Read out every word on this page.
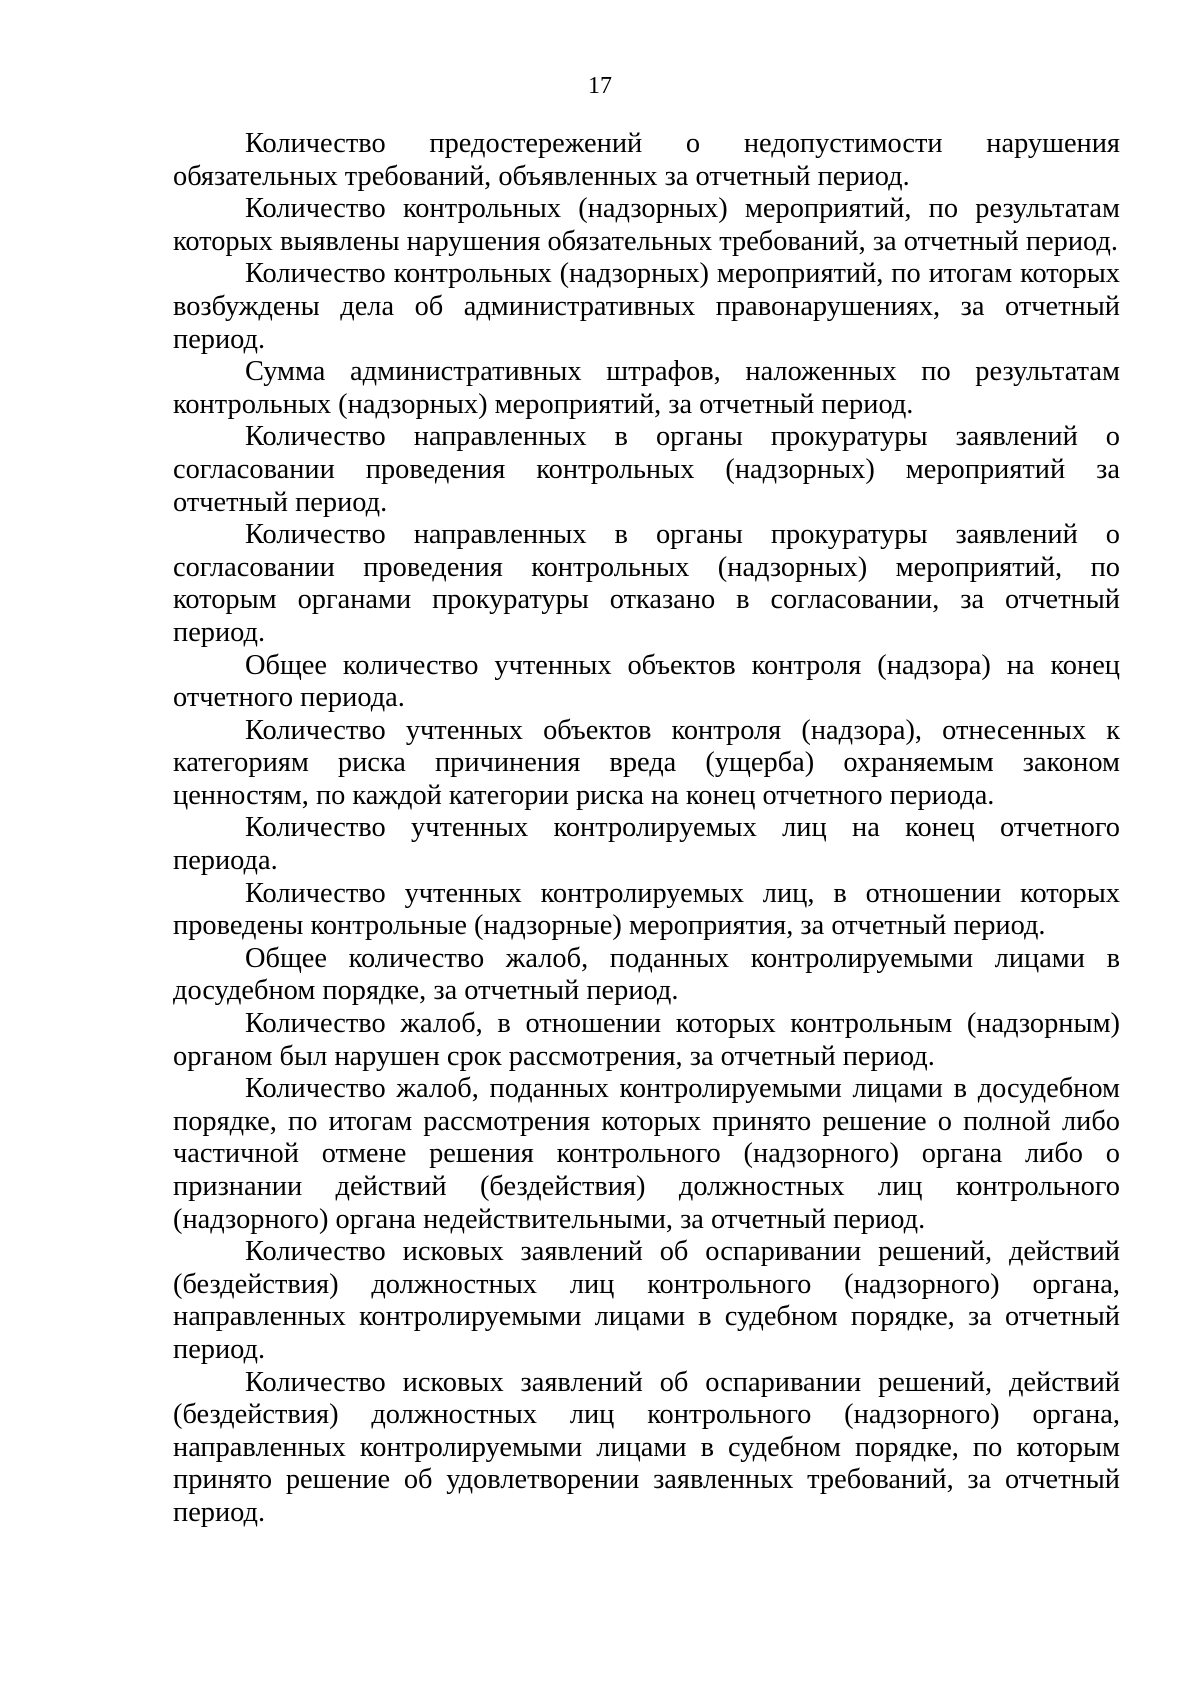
17

Количество предостережений о недопустимости нарушения обязательных требований, объявленных за отчетный период.

Количество контрольных (надзорных) мероприятий, по результатам которых выявлены нарушения обязательных требований, за отчетный период.

Количество контрольных (надзорных) мероприятий, по итогам которых возбуждены дела об административных правонарушениях, за отчетный период.

Сумма административных штрафов, наложенных по результатам контрольных (надзорных) мероприятий, за отчетный период.

Количество направленных в органы прокуратуры заявлений о согласовании проведения контрольных (надзорных) мероприятий за отчетный период.

Количество направленных в органы прокуратуры заявлений о согласовании проведения контрольных (надзорных) мероприятий, по которым органами прокуратуры отказано в согласовании, за отчетный период.

Общее количество учтенных объектов контроля (надзора) на конец отчетного периода.

Количество учтенных объектов контроля (надзора), отнесенных к категориям риска причинения вреда (ущерба) охраняемым законом ценностям, по каждой категории риска на конец отчетного периода.

Количество учтенных контролируемых лиц на конец отчетного периода.

Количество учтенных контролируемых лиц, в отношении которых проведены контрольные (надзорные) мероприятия, за отчетный период.

Общее количество жалоб, поданных контролируемыми лицами в досудебном порядке, за отчетный период.

Количество жалоб, в отношении которых контрольным (надзорным) органом был нарушен срок рассмотрения, за отчетный период.

Количество жалоб, поданных контролируемыми лицами в досудебном порядке, по итогам рассмотрения которых принято решение о полной либо частичной отмене решения контрольного (надзорного) органа либо о признании действий (бездействия) должностных лиц контрольного (надзорного) органа недействительными, за отчетный период.

Количество исковых заявлений об оспаривании решений, действий (бездействия) должностных лиц контрольного (надзорного) органа, направленных контролируемыми лицами в судебном порядке, за отчетный период.

Количество исковых заявлений об оспаривании решений, действий (бездействия) должностных лиц контрольного (надзорного) органа, направленных контролируемыми лицами в судебном порядке, по которым принято решение об удовлетворении заявленных требований, за отчетный период.
